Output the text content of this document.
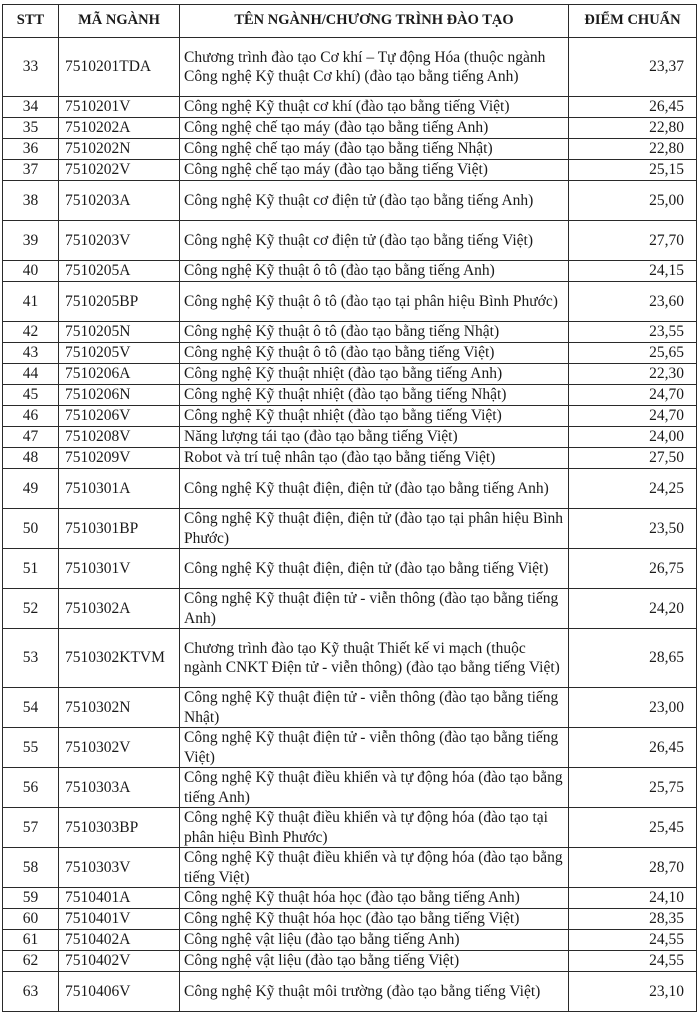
STT	MÃ NGÀNH	TÊN NGÀNH/CHƯƠNG TRÌNH ĐÀO TẠO	ĐIỂM CHUẨN
33	7510201TDA	Chương trình đào tạo Cơ khí – Tự động Hóa (thuộc ngành Công nghệ Kỹ thuật Cơ khí) (đào tạo bằng tiếng Anh)	23,37
34	7510201V	Công nghệ Kỹ thuật cơ khí (đào tạo bằng tiếng Việt)	26,45
35	7510202A	Công nghệ chế tạo máy (đào tạo bằng tiếng Anh)	22,80
36	7510202N	Công nghệ chế tạo máy (đào tạo bằng tiếng Nhật)	22,80
37	7510202V	Công nghệ chế tạo máy (đào tạo bằng tiếng Việt)	25,15
38	7510203A	Công nghệ Kỹ thuật cơ điện tử (đào tạo bằng tiếng Anh)	25,00
39	7510203V	Công nghệ Kỹ thuật cơ điện tử (đào tạo bằng tiếng Việt)	27,70
40	7510205A	Công nghệ Kỹ thuật ô tô (đào tạo bằng tiếng Anh)	24,15
41	7510205BP	Công nghệ Kỹ thuật ô tô (đào tạo tại phân hiệu Bình Phước)	23,60
42	7510205N	Công nghệ Kỹ thuật ô tô (đào tạo bằng tiếng Nhật)	23,55
43	7510205V	Công nghệ Kỹ thuật ô tô (đào tạo bằng tiếng Việt)	25,65
44	7510206A	Công nghệ Kỹ thuật nhiệt (đào tạo bằng tiếng Anh)	22,30
45	7510206N	Công nghệ Kỹ thuật nhiệt (đào tạo bằng tiếng Nhật)	24,70
46	7510206V	Công nghệ Kỹ thuật nhiệt (đào tạo bằng tiếng Việt)	24,70
47	7510208V	Năng lượng tái tạo (đào tạo bằng tiếng Việt)	24,00
48	7510209V	Robot và trí tuệ nhân tạo (đào tạo bằng tiếng Việt)	27,50
49	7510301A	Công nghệ Kỹ thuật điện, điện tử (đào tạo bằng tiếng Anh)	24,25
50	7510301BP	Công nghệ Kỹ thuật điện, điện tử (đào tạo tại phân hiệu Bình Phước)	23,50
51	7510301V	Công nghệ Kỹ thuật điện, điện tử (đào tạo bằng tiếng Việt)	26,75
52	7510302A	Công nghệ Kỹ thuật điện tử - viễn thông (đào tạo bằng tiếng Anh)	24,20
53	7510302KTVM	Chương trình đào tạo Kỹ thuật Thiết kế vi mạch (thuộc ngành CNKT Điện tử - viễn thông) (đào tạo bằng tiếng Việt)	28,65
54	7510302N	Công nghệ Kỹ thuật điện tử - viễn thông (đào tạo bằng tiếng Nhật)	23,00
55	7510302V	Công nghệ Kỹ thuật điện tử - viễn thông (đào tạo bằng tiếng Việt)	26,45
56	7510303A	Công nghệ Kỹ thuật điều khiển và tự động hóa (đào tạo bằng tiếng Anh)	25,75
57	7510303BP	Công nghệ Kỹ thuật điều khiển và tự động hóa (đào tạo tại phân hiệu Bình Phước)	25,45
58	7510303V	Công nghệ Kỹ thuật điều khiển và tự động hóa (đào tạo bằng tiếng Việt)	28,70
59	7510401A	Công nghệ Kỹ thuật hóa học (đào tạo bằng tiếng Anh)	24,10
60	7510401V	Công nghệ Kỹ thuật hóa học (đào tạo bằng tiếng Việt)	28,35
61	7510402A	Công nghệ vật liệu (đào tạo bằng tiếng Anh)	24,55
62	7510402V	Công nghệ vật liệu (đào tạo bằng tiếng Việt)	24,55
63	7510406V	Công nghệ Kỹ thuật môi trường (đào tạo bằng tiếng Việt)	23,10
